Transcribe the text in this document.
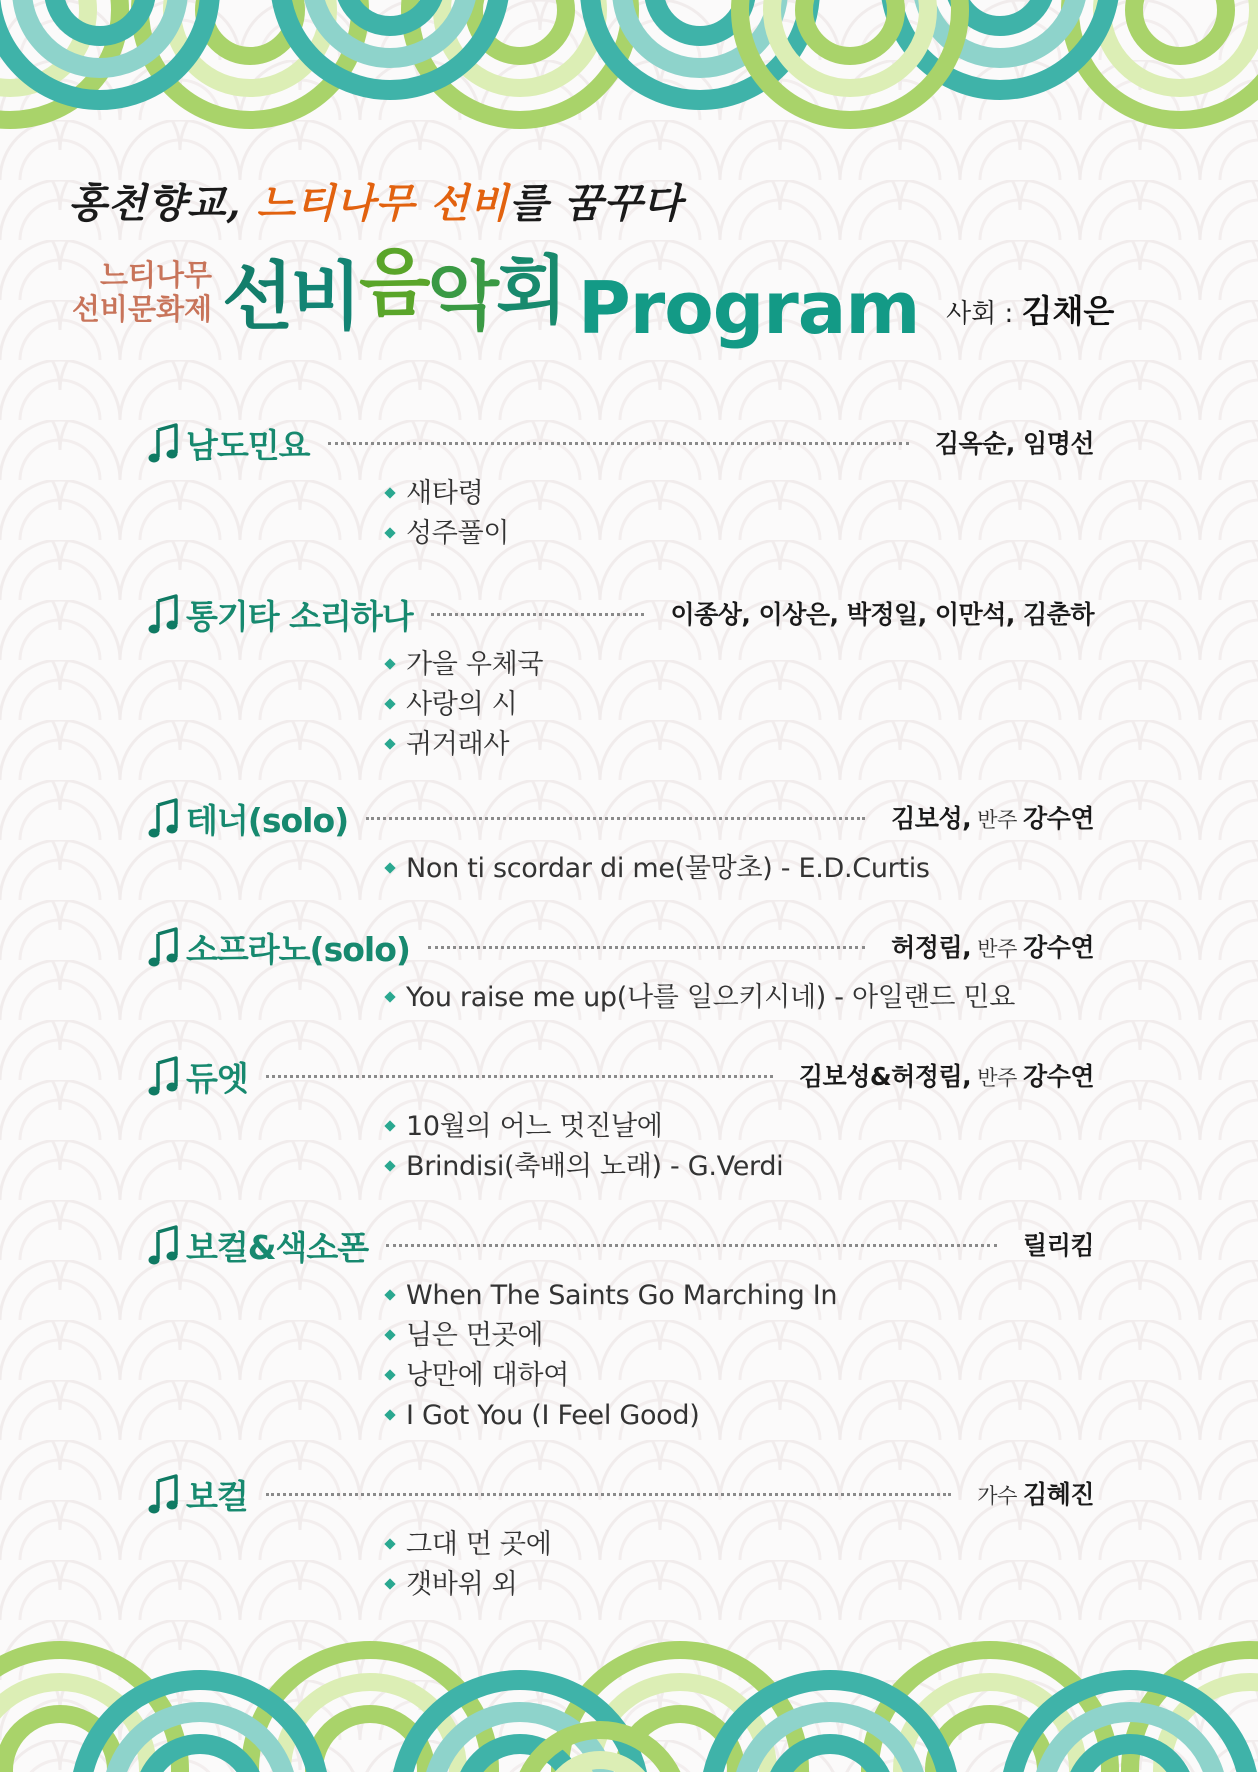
홍천향교, 느티나무 선비를 꿈꾸다
느티나무
선비문화제 선 비 음 악 회 Program 사회 : 김채은
남도민요	김옥순, 임명선
새타령
성주풀이
통기타 소리하나	이종상, 이상은, 박정일, 이만석, 김춘하
가을 우체국
사랑의 시
귀거래사
테너(solo)	김보성, 반주 강수연
Non ti scordar di me(물망초) - E.D.Curtis
소프라노(solo)	허정림, 반주 강수연
You raise me up(나를 일으키시네) - 아일랜드 민요
듀엣	김보성&허정림, 반주 강수연
10월의 어느 멋진날에
Brindisi(축배의 노래) - G.Verdi
보컬&색소폰	릴리킴
When The Saints Go Marching In
님은 먼곳에
낭만에 대하여
I Got You (I Feel Good)
보컬	가수 김혜진
그대 먼 곳에
갯바위 외
